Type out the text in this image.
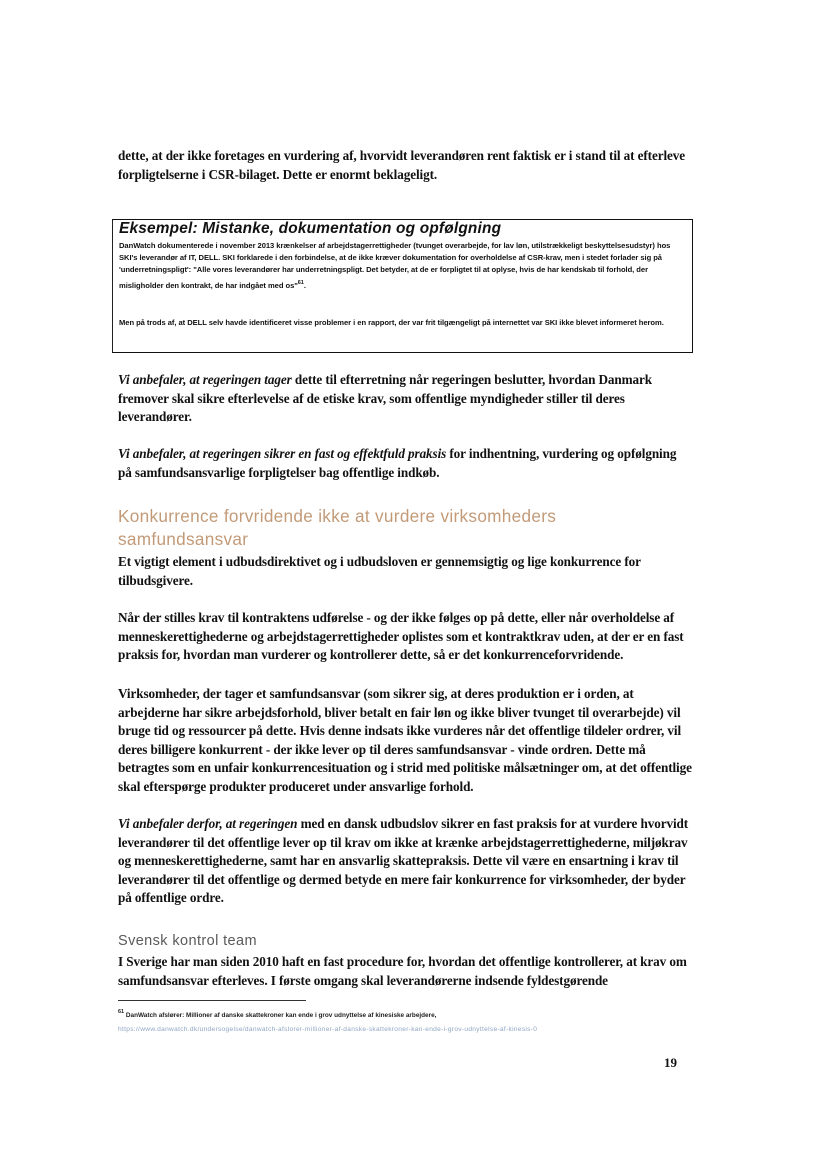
dette, at der ikke foretages en vurdering af, hvorvidt leverandøren rent faktisk er i stand til at efterleve forpligtelserne i CSR-bilaget. Dette er enormt beklageligt.

Eksempel: Mistanke, dokumentation og opfølgning

DanWatch dokumenterede i november 2013 krænkelser af arbejdstagerrettigheder (tvunget overarbejde, for lav løn, utilstrækkeligt beskyttelsesudstyr) hos SKI's leverandør af IT, DELL. SKI forklarede i den forbindelse, at de ikke kræver dokumentation for overholdelse af CSR-krav, men i stedet forlader sig på 'underretningspligt': "Alle vores leverandører har underretningspligt. Det betyder, at de er forpligtet til at oplyse, hvis de har kendskab til forhold, der misligholder den kontrakt, de har indgået med os"$^{61}$.

Men på trods af, at DELL selv havde identificeret visse problemer i en rapport, der var frit tilgængeligt på internettet var SKI ikke blevet informeret herom.

Vi anbefaler, at regeringen tager dette til efterretning når regeringen beslutter, hvordan Danmark fremover skal sikre efterlevelse af de etiske krav, som offentlige myndigheder stiller til deres leverandører.

Vi anbefaler, at regeringen sikrer en fast og effektfuld praksis for indhentning, vurdering og opfølgning på samfundsansvarlige forpligtelser bag offentlige indkøb.

Konkurrence forvridende ikke at vurdere virksomheders samfundsansvar

Et vigtigt element i udbudsdirektivet og i udbudsloven er gennemsigtig og lige konkurrence for tilbudsgivere.

Når der stilles krav til kontraktens udførelse - og der ikke følges op på dette, eller når overholdelse af menneskerettighederne og arbejdstagerrettigheder oplistes som et kontraktkrav uden, at der er en fast praksis for, hvordan man vurderer og kontrollerer dette, så er det konkurrenceforvridende.

Virksomheder, der tager et samfundsansvar (som sikrer sig, at deres produktion er i orden, at arbejderne har sikre arbejdsforhold, bliver betalt en fair løn og ikke bliver tvunget til overarbejde) vil bruge tid og ressourcer på dette. Hvis denne indsats ikke vurderes når det offentlige tildeler ordrer, vil deres billigere konkurrent - der ikke lever op til deres samfundsansvar - vinde ordren. Dette må betragtes som en unfair konkurrencesituation og i strid med politiske målsætninger om, at det offentlige skal efterspørge produkter produceret under ansvarlige forhold.

Vi anbefaler derfor, at regeringen med en dansk udbudslov sikrer en fast praksis for at vurdere hvorvidt leverandører til det offentlige lever op til krav om ikke at krænke arbejdstagerrettighederne, miljøkrav og menneskerettighederne, samt har en ansvarlig skattepraksis. Dette vil være en ensartning i krav til leverandører til det offentlige og dermed betyde en mere fair konkurrence for virksomheder, der byder på offentlige ordre.

Svensk kontrol team

I Sverige har man siden 2010 haft en fast procedure for, hvordan det offentlige kontrollerer, at krav om samfundsansvar efterleves. I første omgang skal leverandørerne indsende fyldestgørende

61 DanWatch afslører: Millioner af danske skattekroner kan ende i grov udnyttelse af kinesiske arbejdere,

https://www.danwatch.dk/undersogelse/danwatch-afslorer-millioner-af-danske-skattekroner-kan-ende-i-grov-udnyttelse-af-kinesis-0

19
